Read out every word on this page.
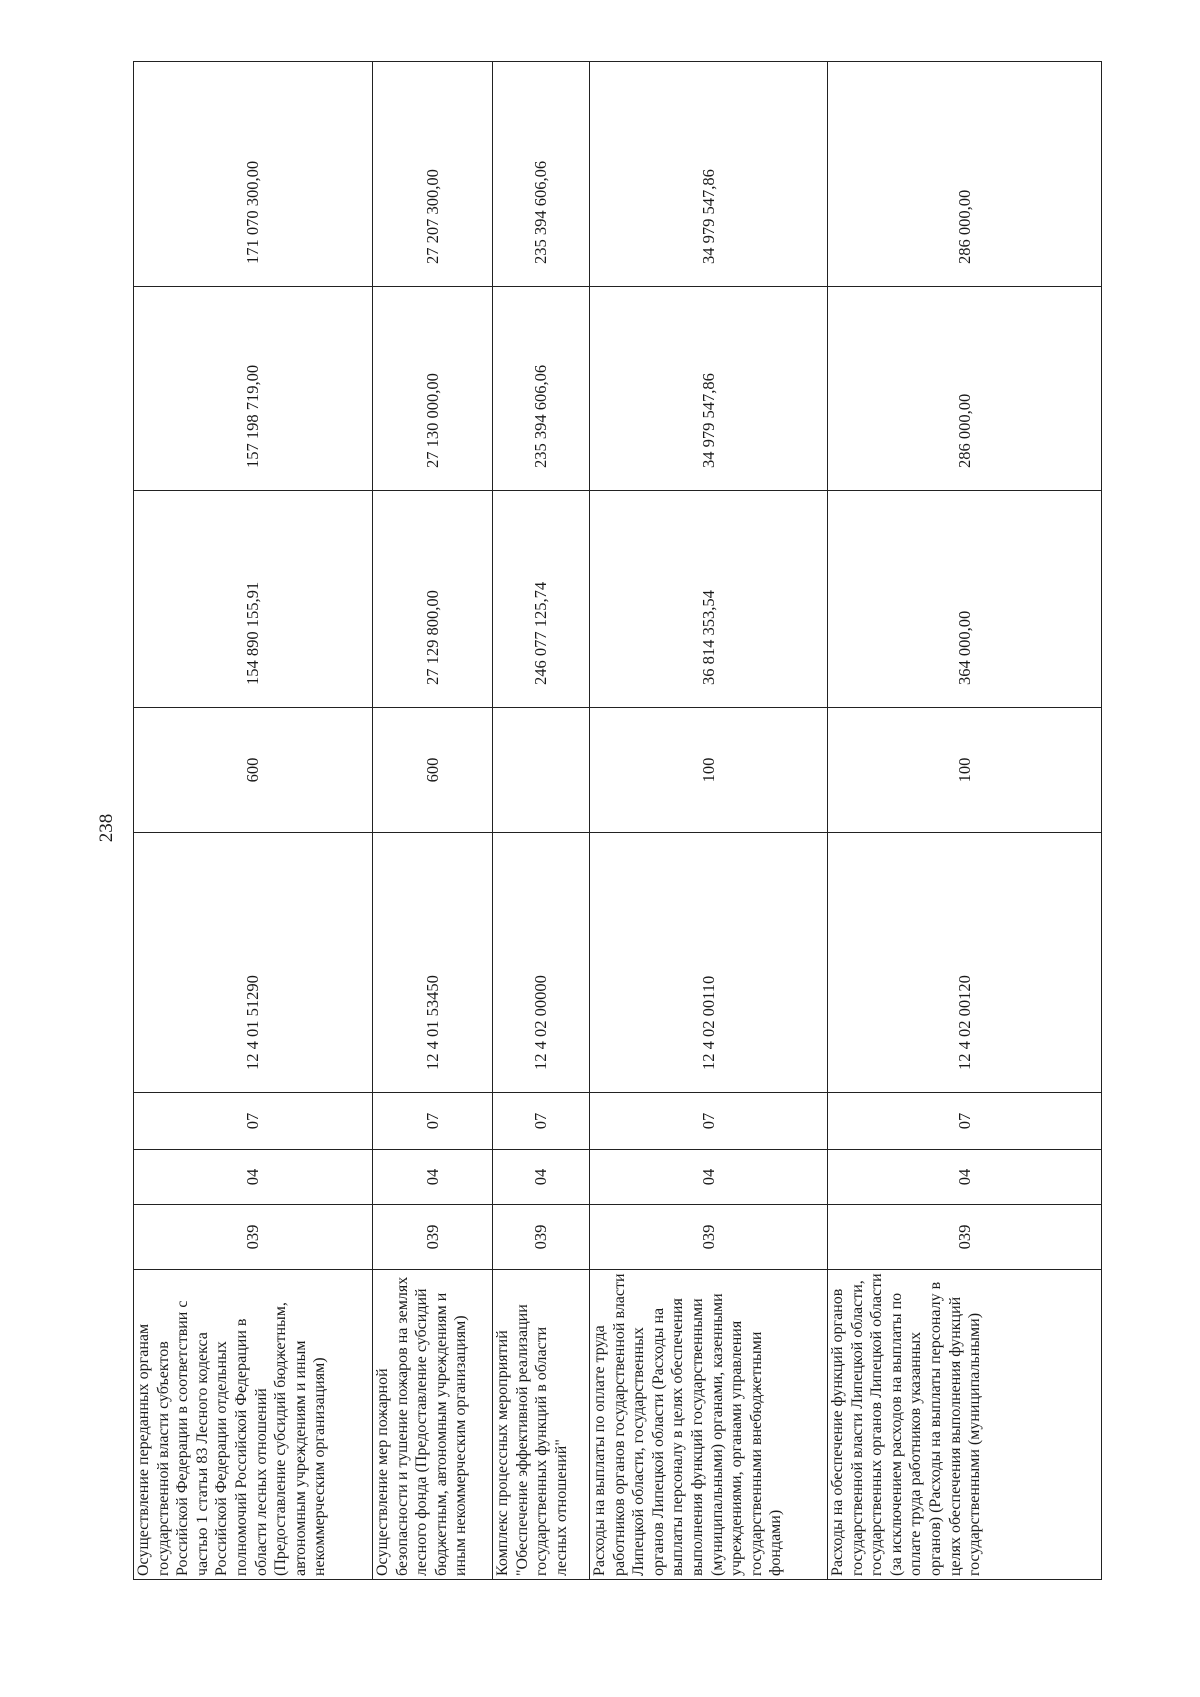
238
Осуществление переданных органам государственной власти субъектов Российской Федерации в соответствии с частью 1 статьи 83 Лесного кодекса Российской Федерации отдельных полномочий Российской Федерации в области лесных отношений (Предоставление субсидий бюджетным, автономным учреждениям и иным некоммерческим организациям)	039	04	07	12 4 01 51290	600	154 890 155,91	157 198 719,00	171 070 300,00
Осуществление мер пожарной безопасности и тушение пожаров на землях лесного фонда (Предоставление субсидий бюджетным, автономным учреждениям и иным некоммерческим организациям)	039	04	07	12 4 01 53450	600	27 129 800,00	27 130 000,00	27 207 300,00
Комплекс процессных мероприятий "Обеспечение эффективной реализации государственных функций в области лесных отношений"	039	04	07	12 4 02 00000		246 077 125,74	235 394 606,06	235 394 606,06
Расходы на выплаты по оплате труда работников органов государственной власти Липецкой области, государственных органов Липецкой области (Расходы на выплаты персоналу в целях обеспечения выполнения функций государственными (муниципальными) органами, казенными учреждениями, органами управления государственными внебюджетными фондами)	039	04	07	12 4 02 00110	100	36 814 353,54	34 979 547,86	34 979 547,86
Расходы на обеспечение функций органов государственной власти Липецкой области, государственных органов Липецкой области (за исключением расходов на выплаты по оплате труда работников указанных органов) (Расходы на выплаты персоналу в целях обеспечения выполнения функций государственными (муниципальными)	039	04	07	12 4 02 00120	100	364 000,00	286 000,00	286 000,00
